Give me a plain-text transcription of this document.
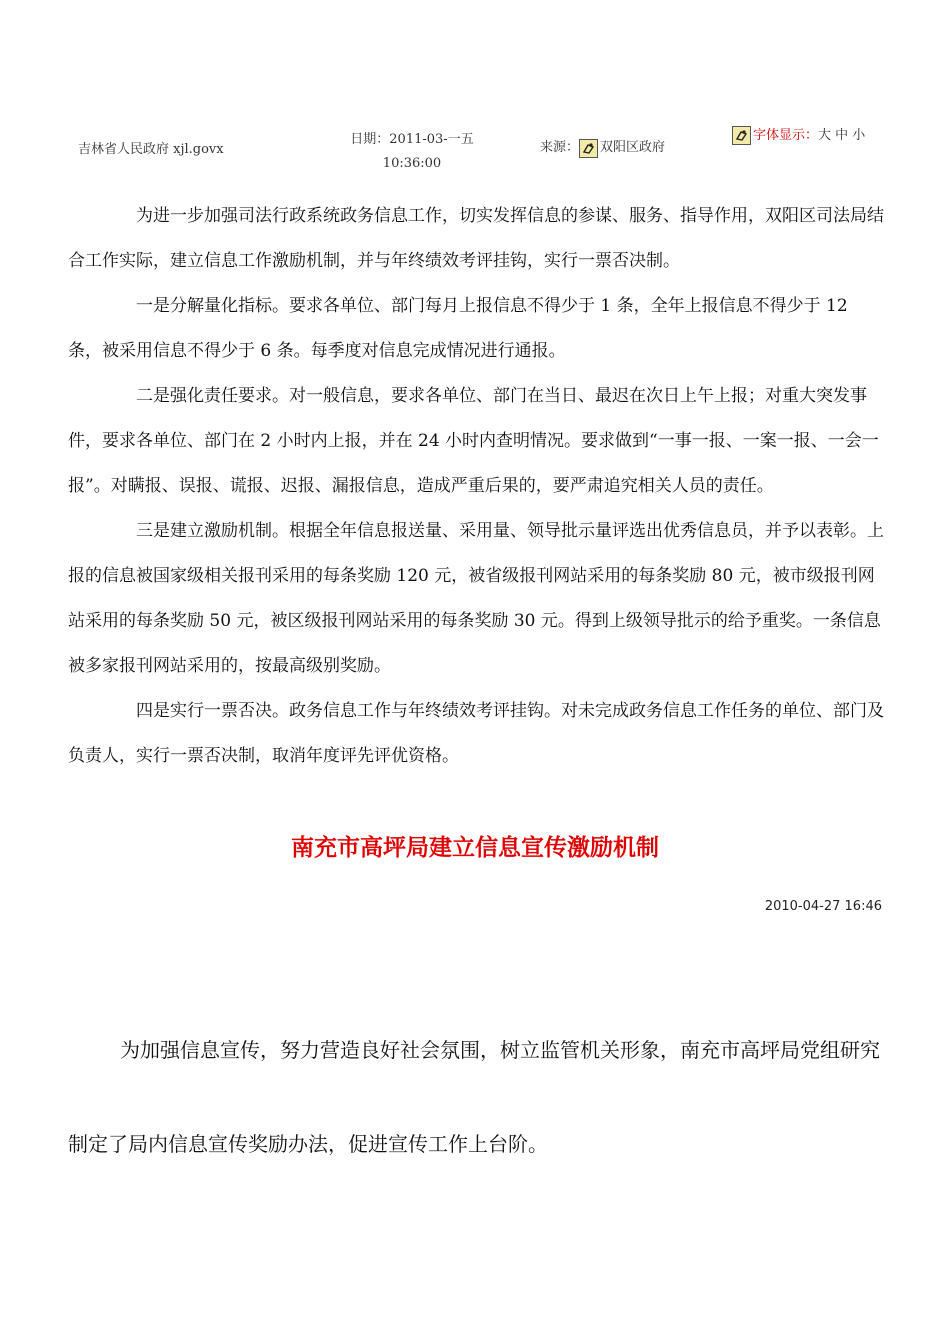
吉林省人民政府 xjl.govx
日期：2011-03-一五 10:36:00
来源： 双阳区政府
字体显示：大 中 小

为进一步加强司法行政系统政务信息工作，切实发挥信息的参谋、服务、指导作用，双阳区司法局结合工作实际，建立信息工作激励机制，并与年终绩效考评挂钩，实行一票否决制。

一是分解量化指标。要求各单位、部门每月上报信息不得少于 1 条，全年上报信息不得少于 12 条，被采用信息不得少于 6 条。每季度对信息完成情况进行通报。

二是强化责任要求。对一般信息，要求各单位、部门在当日、最迟在次日上午上报；对重大突发事件，要求各单位、部门在 2 小时内上报，并在 24 小时内查明情况。要求做到“一事一报、一案一报、一会一报”。对瞒报、误报、谎报、迟报、漏报信息，造成严重后果的，要严肃追究相关人员的责任。

三是建立激励机制。根据全年信息报送量、采用量、领导批示量评选出优秀信息员，并予以表彰。上报的信息被国家级相关报刊采用的每条奖励 120 元，被省级报刊网站采用的每条奖励 80 元，被市级报刊网站采用的每条奖励 50 元，被区级报刊网站采用的每条奖励 30 元。得到上级领导批示的给予重奖。一条信息被多家报刊网站采用的，按最高级别奖励。

四是实行一票否决。政务信息工作与年终绩效考评挂钩。对未完成政务信息工作任务的单位、部门及负责人，实行一票否决制，取消年度评先评优资格。

南充市高坪局建立信息宣传激励机制
2010-04-27 16:46

为加强信息宣传，努力营造良好社会氛围，树立监管机关形象，南充市高坪局党组研究制定了局内信息宣传奖励办法，促进宣传工作上台阶。
